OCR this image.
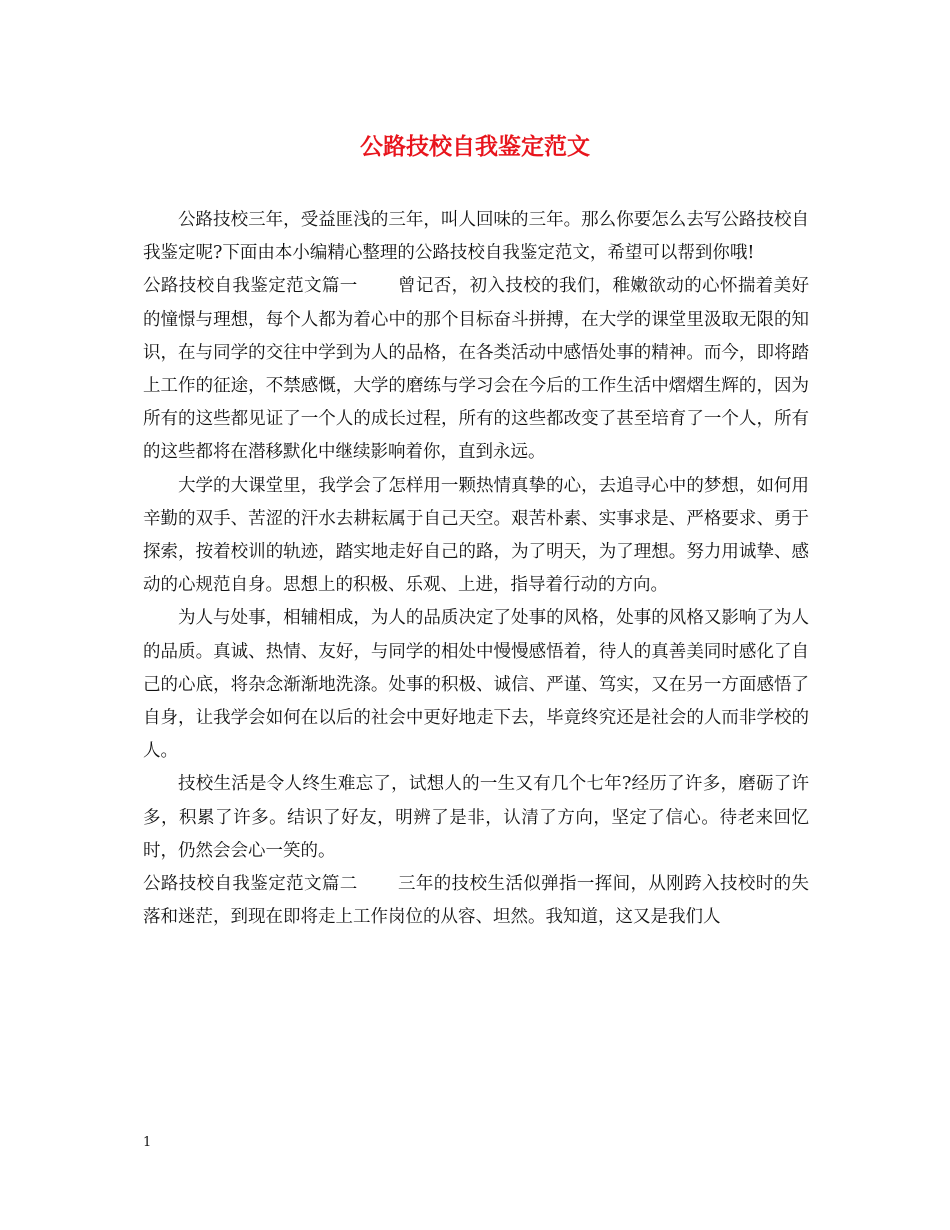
公路技校自我鉴定范文

公路技校三年，受益匪浅的三年，叫人回味的三年。那么你要怎么去写公路技校自我鉴定呢?下面由本小编精心整理的公路技校自我鉴定范文，希望可以帮到你哦!

公路技校自我鉴定范文篇一 曾记否，初入技校的我们，稚嫩欲动的心怀揣着美好的憧憬与理想，每个人都为着心中的那个目标奋斗拼搏，在大学的课堂里汲取无限的知识，在与同学的交往中学到为人的品格，在各类活动中感悟处事的精神。而今，即将踏上工作的征途，不禁感慨，大学的磨练与学习会在今后的工作生活中熠熠生辉的，因为所有的这些都见证了一个人的成长过程，所有的这些都改变了甚至培育了一个人，所有的这些都将在潜移默化中继续影响着你，直到永远。

大学的大课堂里，我学会了怎样用一颗热情真挚的心，去追寻心中的梦想，如何用辛勤的双手、苦涩的汗水去耕耘属于自己天空。艰苦朴素、实事求是、严格要求、勇于探索，按着校训的轨迹，踏实地走好自己的路，为了明天，为了理想。努力用诚挚、感动的心规范自身。思想上的积极、乐观、上进，指导着行动的方向。

为人与处事，相辅相成，为人的品质决定了处事的风格，处事的风格又影响了为人的品质。真诚、热情、友好，与同学的相处中慢慢感悟着，待人的真善美同时感化了自己的心底，将杂念渐渐地洗涤。处事的积极、诚信、严谨、笃实，又在另一方面感悟了自身，让我学会如何在以后的社会中更好地走下去，毕竟终究还是社会的人而非学校的人。

技校生活是令人终生难忘了，试想人的一生又有几个七年?经历了许多，磨砺了许多，积累了许多。结识了好友，明辨了是非，认清了方向，坚定了信心。待老来回忆时，仍然会会心一笑的。

公路技校自我鉴定范文篇二 三年的技校生活似弹指一挥间，从刚跨入技校时的失落和迷茫，到现在即将走上工作岗位的从容、坦然。我知道，这又是我们人

1
